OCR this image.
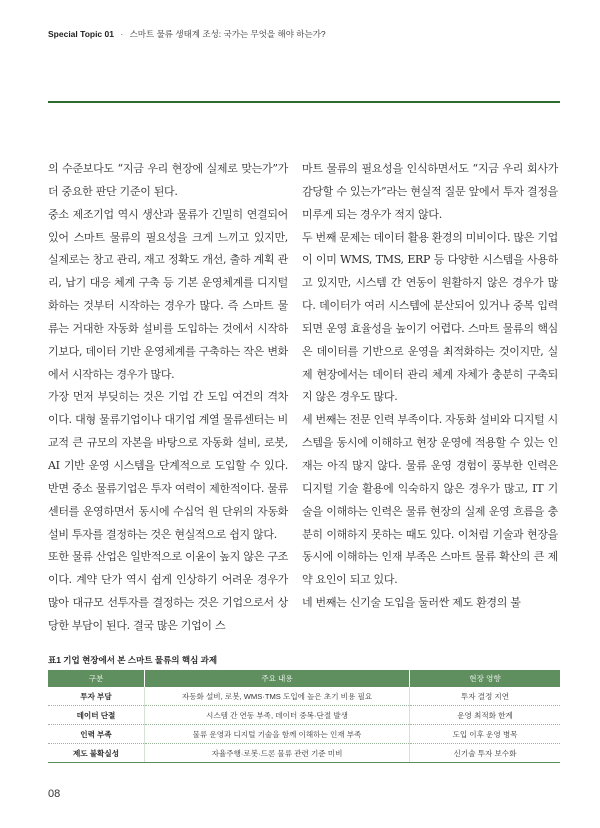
Special Topic 01 · 스마트 물류 생태계 조성: 국가는 무엇을 해야 하는가?

의 수준보다도 “지금 우리 현장에 실제로 맞는가”가 더 중요한 판단 기준이 된다.

중소 제조기업 역시 생산과 물류가 긴밀히 연결되어 있어 스마트 물류의 필요성을 크게 느끼고 있지만, 실제로는 창고 관리, 재고 정확도 개선, 출하 계획 관리, 납기 대응 체계 구축 등 기본 운영체계를 디지털화하는 것부터 시작하는 경우가 많다. 즉 스마트 물류는 거대한 자동화 설비를 도입하는 것에서 시작하기보다, 데이터 기반 운영체계를 구축하는 작은 변화에서 시작하는 경우가 많다.

가장 먼저 부딪히는 것은 기업 간 도입 여건의 격차이다. 대형 물류기업이나 대기업 계열 물류센터는 비교적 큰 규모의 자본을 바탕으로 자동화 설비, 로봇, AI 기반 운영 시스템을 단계적으로 도입할 수 있다. 반면 중소 물류기업은 투자 여력이 제한적이다. 물류센터를 운영하면서 동시에 수십억 원 단위의 자동화 설비 투자를 결정하는 것은 현실적으로 쉽지 않다.

또한 물류 산업은 일반적으로 이윤이 높지 않은 구조이다. 계약 단가 역시 쉽게 인상하기 어려운 경우가 많아 대규모 선투자를 결정하는 것은 기업으로서 상당한 부담이 된다. 결국 많은 기업이 스

마트 물류의 필요성을 인식하면서도 “지금 우리 회사가 감당할 수 있는가”라는 현실적 질문 앞에서 투자 결정을 미루게 되는 경우가 적지 않다.

두 번째 문제는 데이터 활용 환경의 미비이다. 많은 기업이 이미 WMS, TMS, ERP 등 다양한 시스템을 사용하고 있지만, 시스템 간 연동이 원활하지 않은 경우가 많다. 데이터가 여러 시스템에 분산되어 있거나 중복 입력되면 운영 효율성을 높이기 어렵다. 스마트 물류의 핵심은 데이터를 기반으로 운영을 최적화하는 것이지만, 실제 현장에서는 데이터 관리 체계 자체가 충분히 구축되지 않은 경우도 많다.

세 번째는 전문 인력 부족이다. 자동화 설비와 디지털 시스템을 동시에 이해하고 현장 운영에 적용할 수 있는 인재는 아직 많지 않다. 물류 운영 경험이 풍부한 인력은 디지털 기술 활용에 익숙하지 않은 경우가 많고, IT 기술을 이해하는 인력은 물류 현장의 실제 운영 흐름을 충분히 이해하지 못하는 때도 있다. 이처럼 기술과 현장을 동시에 이해하는 인재 부족은 스마트 물류 확산의 큰 제약 요인이 되고 있다.

네 번째는 신기술 도입을 둘러싼 제도 환경의 불

표1 기업 현장에서 본 스마트 물류의 핵심 과제
구분	주요 내용	현장 영향
투자 부담	자동화 설비, 로봇, WMS·TMS 도입에 높은 초기 비용 필요	투자 결정 지연
데이터 단절	시스템 간 연동 부족, 데이터 중복·단절 발생	운영 최적화 한계
인력 부족	물류 운영과 디지털 기술을 함께 이해하는 인재 부족	도입 이후 운영 병목
제도 불확실성	자율주행·로봇·드론 물류 관련 기준 미비	신기술 투자 보수화
08
